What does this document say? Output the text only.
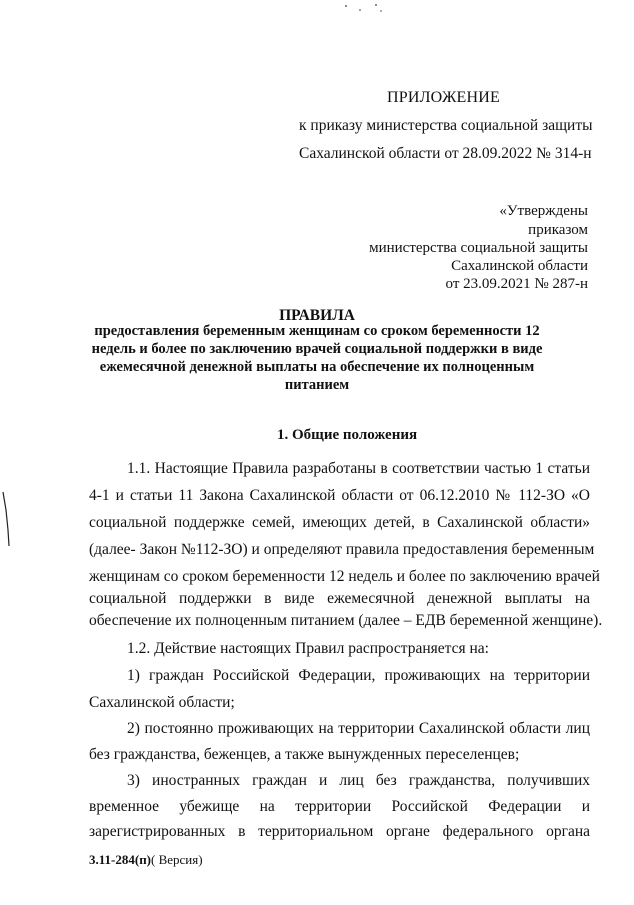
ПРИЛОЖЕНИЕ
к приказу министерства социальной защиты
Сахалинской области от 28.09.2022 № 314-н
«Утверждены
приказом
министерства социальной защиты
Сахалинской области
от 23.09.2021 № 287-н
ПРАВИЛА
предоставления беременным женщинам со сроком беременности 12
недель и более по заключению врачей социальной поддержки в виде
ежемесячной денежной выплаты на обеспечение их полноценным
питанием
1. Общие положения
1.1. Настоящие Правила разработаны в соответствии частью 1 статьи
4-1 и статьи 11 Закона Сахалинской области от 06.12.2010 № 112-ЗО «О
социальной поддержке семей, имеющих детей, в Сахалинской области»
(далее- Закон №112-ЗО) и определяют правила предоставления беременным
женщинам со сроком беременности 12 недель и более по заключению врачей
социальной поддержки в виде ежемесячной денежной выплаты на
обеспечение их полноценным питанием (далее – ЕДВ беременной женщине).
1.2. Действие настоящих Правил распространяется на:
1) граждан Российской Федерации, проживающих на территории
Сахалинской области;
2) постоянно проживающих на территории Сахалинской области лиц
без гражданства, беженцев, а также вынужденных переселенцев;
3) иностранных граждан и лиц без гражданства, получивших
временное убежище на территории Российской Федерации и
зарегистрированных в территориальном органе федерального органа
3.11-284(п)( Версия)
